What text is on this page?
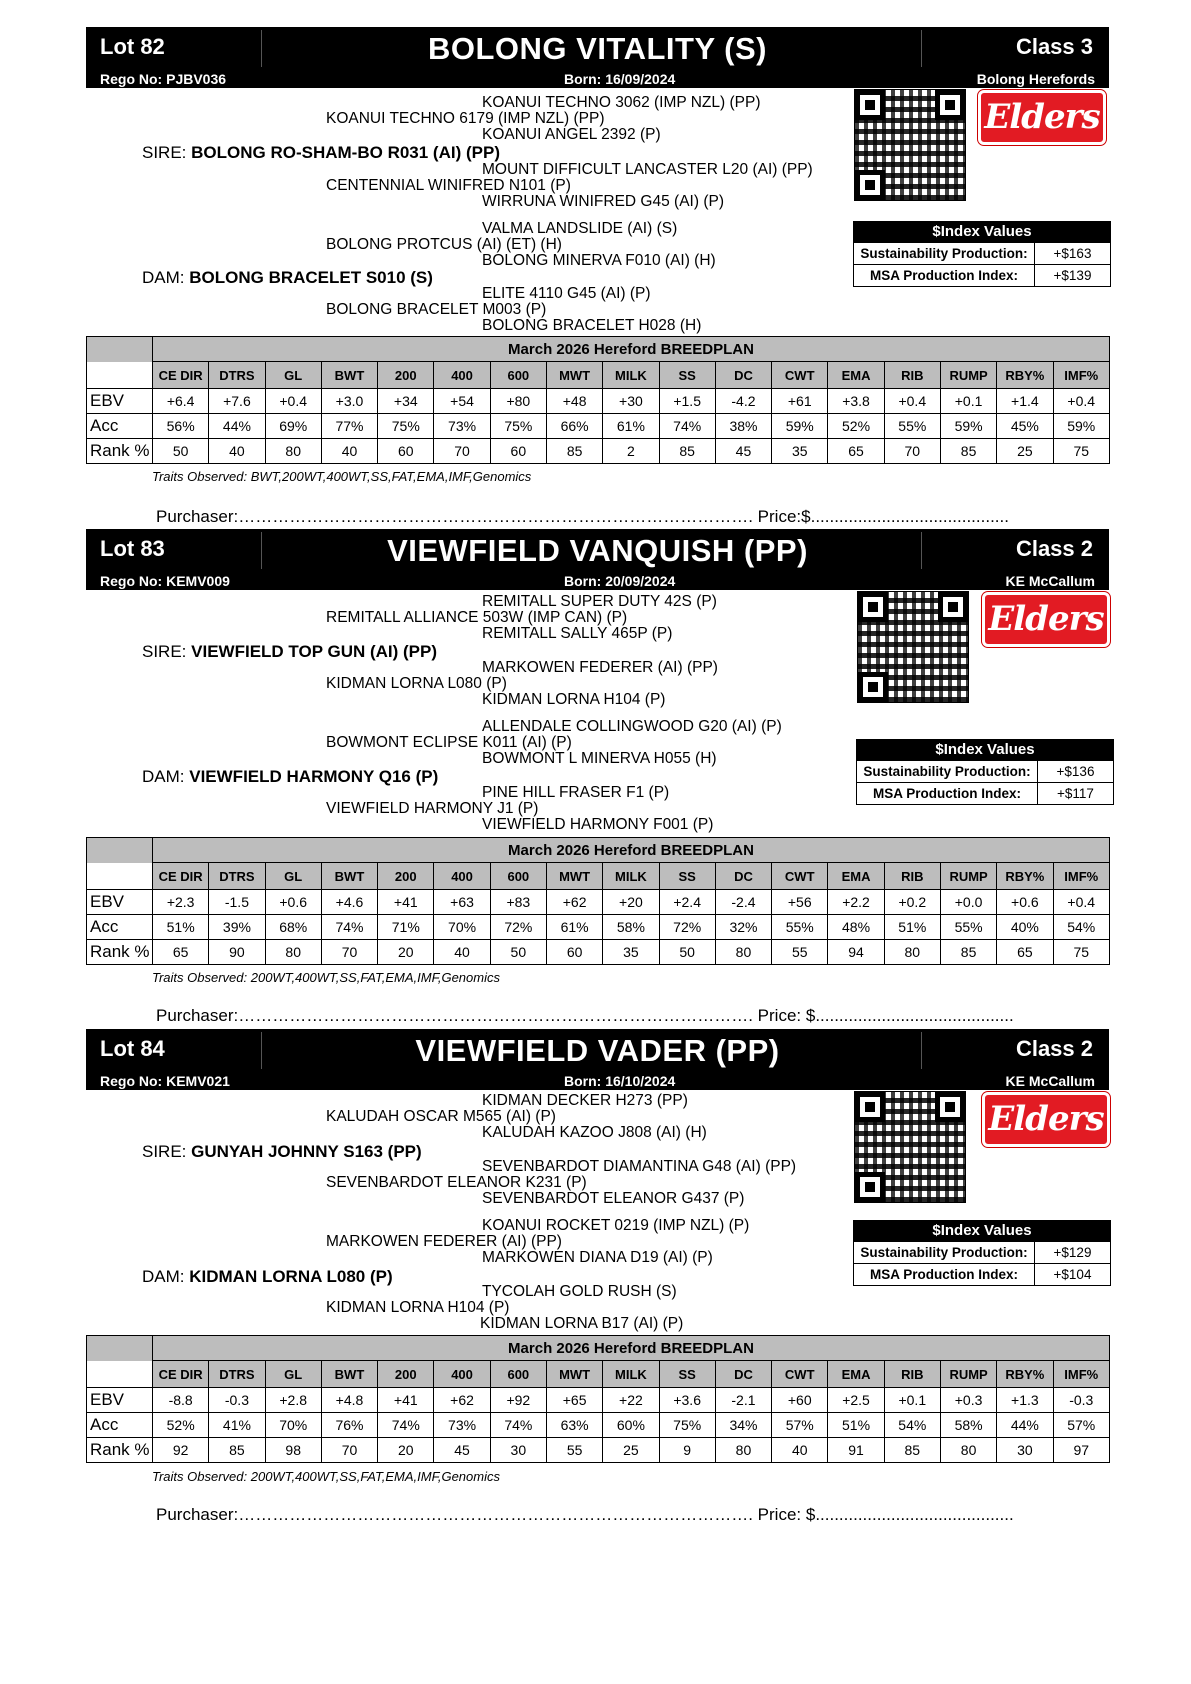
Lot 82	BOLONG VITALITY (S)	Class 3
Rego No: PJBV036	Born: 16/09/2024	Bolong Herefords
KOANUI TECHNO 3062 (IMP NZL) (PP)
KOANUI TECHNO 6179 (IMP NZL) (PP)
KOANUI ANGEL 2392 (P)
SIRE: BOLONG RO-SHAM-BO R031 (AI) (PP)
MOUNT DIFFICULT LANCASTER L20 (AI) (PP)
CENTENNIAL WINIFRED N101 (P)
WIRRUNA WINIFRED G45 (AI) (P)
VALMA LANDSLIDE (AI) (S)
BOLONG PROTCUS (AI) (ET) (H)
BOLONG MINERVA F010 (AI) (H)
DAM: BOLONG BRACELET S010 (S)
ELITE 4110 G45 (AI) (P)
BOLONG BRACELET M003 (P)
BOLONG BRACELET H028 (H)
Elders
$Index Values
Sustainability Production:	+$163
MSA Production Index:	+$139
	March 2026 Hereford BREEDPLAN																
	CE DIR	DTRS	GL	BWT	200	400	600	MWT	MILK	SS	DC	CWT	EMA	RIB	RUMP	RBY%	IMF%
EBV	+6.4	+7.6	+0.4	+3.0	+34	+54	+80	+48	+30	+1.5	-4.2	+61	+3.8	+0.4	+0.1	+1.4	+0.4
Acc	56%	44%	69%	77%	75%	73%	75%	66%	61%	74%	38%	59%	52%	55%	59%	45%	59%
Rank %	50	40	80	40	60	70	60	85	2	85	45	35	65	70	85	25	75
Traits Observed: BWT,200WT,400WT,SS,FAT,EMA,IMF,Genomics
Purchaser:………………………………………………………………………………. Price:$..........................................
Lot 83	VIEWFIELD VANQUISH (PP)	Class 2
Rego No: KEMV009	Born: 20/09/2024	KE McCallum
REMITALL SUPER DUTY 42S (P)
REMITALL ALLIANCE 503W (IMP CAN) (P)
REMITALL SALLY 465P (P)
SIRE: VIEWFIELD TOP GUN (AI) (PP)
MARKOWEN FEDERER (AI) (PP)
KIDMAN LORNA L080 (P)
KIDMAN LORNA H104 (P)
ALLENDALE COLLINGWOOD G20 (AI) (P)
BOWMONT ECLIPSE K011 (AI) (P)
BOWMONT L MINERVA H055 (H)
DAM: VIEWFIELD HARMONY Q16 (P)
PINE HILL FRASER F1 (P)
VIEWFIELD HARMONY J1 (P)
VIEWFIELD HARMONY F001 (P)
Elders
$Index Values
Sustainability Production:	+$136
MSA Production Index:	+$117
	March 2026 Hereford BREEDPLAN																
	CE DIR	DTRS	GL	BWT	200	400	600	MWT	MILK	SS	DC	CWT	EMA	RIB	RUMP	RBY%	IMF%
EBV	+2.3	-1.5	+0.6	+4.6	+41	+63	+83	+62	+20	+2.4	-2.4	+56	+2.2	+0.2	+0.0	+0.6	+0.4
Acc	51%	39%	68%	74%	71%	70%	72%	61%	58%	72%	32%	55%	48%	51%	55%	40%	54%
Rank %	65	90	80	70	20	40	50	60	35	50	80	55	94	80	85	65	75
Traits Observed: 200WT,400WT,SS,FAT,EMA,IMF,Genomics
Purchaser:………………………………………………………………………………. Price: $..........................................
Lot 84	VIEWFIELD VADER (PP)	Class 2
Rego No: KEMV021	Born: 16/10/2024	KE McCallum
KIDMAN DECKER H273 (PP)
KALUDAH OSCAR M565 (AI) (P)
KALUDAH KAZOO J808 (AI) (H)
SIRE: GUNYAH JOHNNY S163 (PP)
SEVENBARDOT DIAMANTINA G48 (AI) (PP)
SEVENBARDOT ELEANOR K231 (P)
SEVENBARDOT ELEANOR G437 (P)
KOANUI ROCKET 0219 (IMP NZL) (P)
MARKOWEN FEDERER (AI) (PP)
MARKOWEN DIANA D19 (AI) (P)
DAM: KIDMAN LORNA L080 (P)
TYCOLAH GOLD RUSH (S)
KIDMAN LORNA H104 (P)
KIDMAN LORNA B17 (AI) (P)
Elders
$Index Values
Sustainability Production:	+$129
MSA Production Index:	+$104
	March 2026 Hereford BREEDPLAN																
	CE DIR	DTRS	GL	BWT	200	400	600	MWT	MILK	SS	DC	CWT	EMA	RIB	RUMP	RBY%	IMF%
EBV	-8.8	-0.3	+2.8	+4.8	+41	+62	+92	+65	+22	+3.6	-2.1	+60	+2.5	+0.1	+0.3	+1.3	-0.3
Acc	52%	41%	70%	76%	74%	73%	74%	63%	60%	75%	34%	57%	51%	54%	58%	44%	57%
Rank %	92	85	98	70	20	45	30	55	25	9	80	40	91	85	80	30	97
Traits Observed: 200WT,400WT,SS,FAT,EMA,IMF,Genomics
Purchaser:………………………………………………………………………………. Price: $..........................................
